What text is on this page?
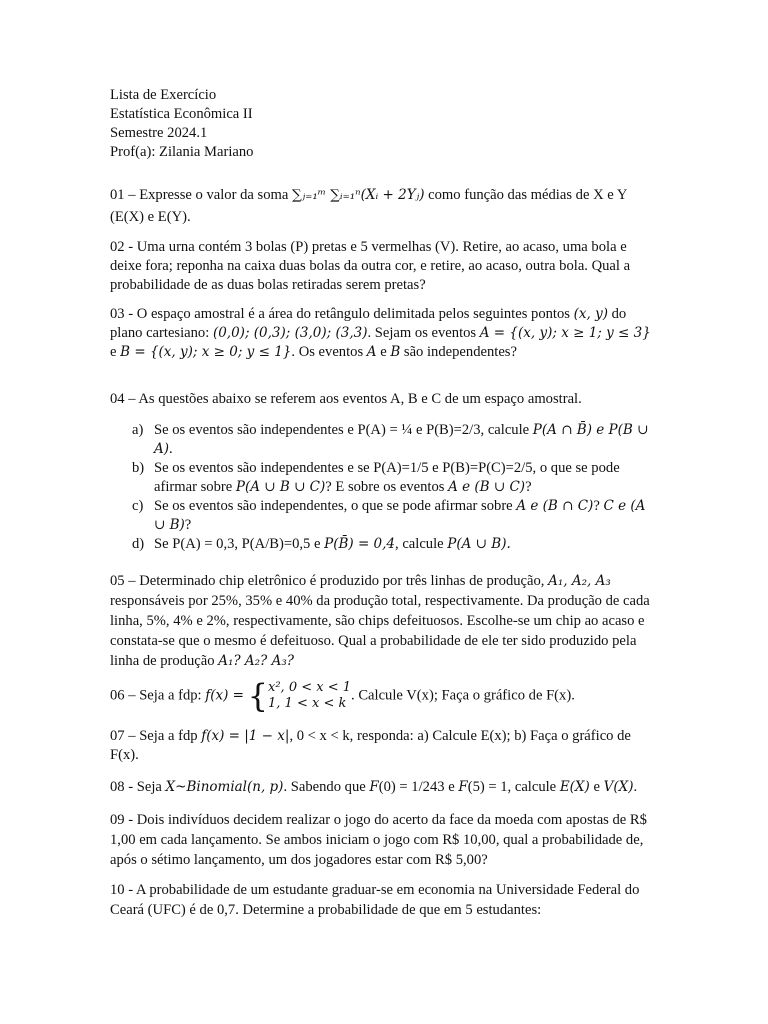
Lista de Exercício

Estatística Econômica II

Semestre 2024.1

Prof(a): Zilania Mariano

01 – Expresse o valor da soma ∑ⱼ₌₁ᵐ ∑ᵢ₌₁ⁿ(Xᵢ + 2Yⱼ) como função das médias de X e Y

(E(X) e E(Y).

02 - Uma urna contém 3 bolas (P) pretas e 5 vermelhas (V). Retire, ao acaso, uma bola e deixe fora; reponha na caixa duas bolas da outra cor, e retire, ao acaso, outra bola. Qual a probabilidade de as duas bolas retiradas serem pretas?

03 - O espaço amostral é a área do retângulo delimitada pelos seguintes pontos (x, y) do plano cartesiano: (0,0); (0,3); (3,0); (3,3). Sejam os eventos A = {(x, y); x ≥ 1; y ≤ 3} e B = {(x, y); x ≥ 0; y ≤ 1}. Os eventos A e B são independentes?

04 – As questões abaixo se referem aos eventos A, B e C de um espaço amostral.

a) Se os eventos são independentes e P(A) = ¼ e P(B)=2/3, calcule P(A ∩ B̄) e P(B ∪ A).
b) Se os eventos são independentes e se P(A)=1/5 e P(B)=P(C)=2/5, o que se pode afirmar sobre P(A ∪ B ∪ C)? E sobre os eventos A e (B ∪ C)?
c) Se os eventos são independentes, o que se pode afirmar sobre A e (B ∩ C)? C e (A ∪ B)?
d) Se P(A) = 0,3, P(A/B)=0,5 e P(B̄) = 0,4, calcule P(A ∪ B).

05 – Determinado chip eletrônico é produzido por três linhas de produção, A₁, A₂, A₃ responsáveis por 25%, 35% e 40% da produção total, respectivamente. Da produção de cada linha, 5%, 4% e 2%, respectivamente, são chips defeituosos. Escolhe-se um chip ao acaso e constata-se que o mesmo é defeituoso. Qual a probabilidade de ele ter sido produzido pela linha de produção A₁? A₂? A₃?

06 – Seja a fdp: f(x) = { x², 0 < x < 1
1, 1 < x < k
. Calcule V(x); Faça o gráfico de F(x).

07 – Seja a fdp f(x) = |1 − x|, 0 < x < k, responda: a) Calcule E(x); b) Faça o gráfico de F(x).

08 - Seja X~Binomial(n, p). Sabendo que F(0) = 1/243 e F(5) = 1, calcule E(X) e V(X).

09 - Dois indivíduos decidem realizar o jogo do acerto da face da moeda com apostas de R$ 1,00 em cada lançamento. Se ambos iniciam o jogo com R$ 10,00, qual a probabilidade de, após o sétimo lançamento, um dos jogadores estar com R$ 5,00?

10 - A probabilidade de um estudante graduar-se em economia na Universidade Federal do Ceará (UFC) é de 0,7. Determine a probabilidade de que em 5 estudantes:
